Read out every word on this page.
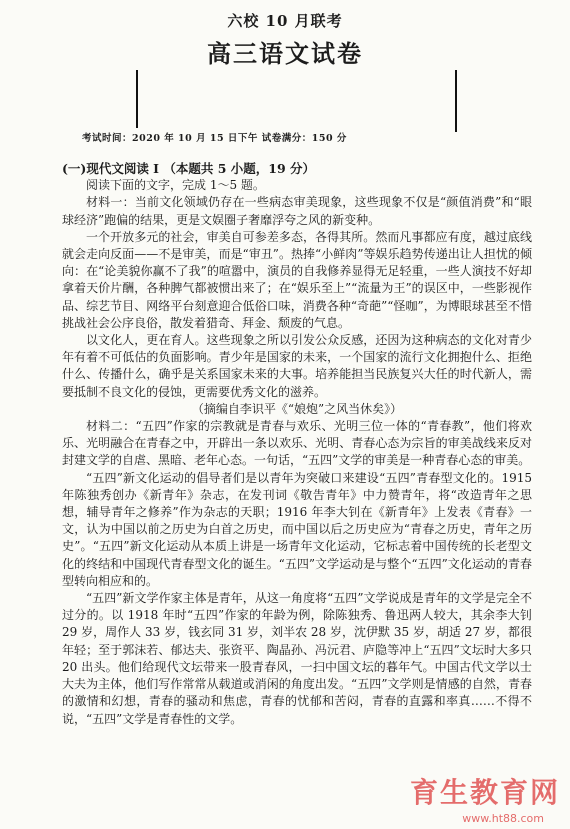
六校 10 月联考
高三语文试卷
考试时间：2020 年 10 月 15 日下午 试卷满分：150 分

(一)现代文阅读 I （本题共 5 小题，19 分）

阅读下面的文字，完成 1～5 题。

材料一：当前文化领域仍存在一些病态审美现象，这些现象不仅是“颜值消费”和“眼球经济”跑偏的结果，更是文娱圈子奢靡浮夸之风的新变种。

一个开放多元的社会，审美自可参差多态，各得其所。然而凡事都应有度，越过底线就会走向反面——不是审美，而是“审丑”。热捧“小鲜肉”等娱乐趋势传递出让人担忧的倾向：在“论美貌你赢不了我”的喧嚣中，演员的自我修养显得无足轻重，一些人演技不好却拿着天价片酬，各种脾气都被惯出来了；在“娱乐至上”“流量为王”的误区中，一些影视作品、综艺节目、网络平台刻意迎合低俗口味，消费各种“奇葩”“怪咖”，为博眼球甚至不惜挑战社会公序良俗，散发着猎奇、拜金、颓废的气息。

以文化人，更在育人。这些现象之所以引发公众反感，还因为这种病态的文化对青少年有着不可低估的负面影响。青少年是国家的未来，一个国家的流行文化拥抱什么、拒绝什么、传播什么，确乎是关系国家未来的大事。培养能担当民族复兴大任的时代新人，需要抵制不良文化的侵蚀，更需要优秀文化的滋养。

（摘编自李识平《“娘炮”之风当休矣》）

材料二：“五四”作家的宗教就是青春与欢乐、光明三位一体的“青春教”，他们将欢乐、光明融合在青春之中，开辟出一条以欢乐、光明、青春心态为宗旨的审美战线来反对封建文学的自虐、黑暗、老年心态。一句话，“五四”文学的审美是一种青春心态的审美。

“五四”新文化运动的倡导者们是以青年为突破口来建设“五四”青春型文化的。1915 年陈独秀创办《新青年》杂志，在发刊词《敬告青年》中力赞青年，将“改造青年之思想，辅导青年之修养”作为杂志的天职；1916 年李大钊在《新青年》上发表《青春》一文，认为中国以前之历史为白首之历史，而中国以后之历史应为“青春之历史，青年之历史”。“五四”新文化运动从本质上讲是一场青年文化运动，它标志着中国传统的长老型文化的终结和中国现代青春型文化的诞生。“五四”文学运动是与整个“五四”文化运动的青春型转向相应和的。

“五四”新文学作家主体是青年，从这一角度将“五四”文学说成是青年的文学是完全不过分的。以 1918 年时“五四”作家的年龄为例，除陈独秀、鲁迅两人较大，其余李大钊 29 岁，周作人 33 岁，钱玄同 31 岁，刘半农 28 岁，沈伊默 35 岁，胡适 27 岁，都很年轻；至于郭沫若、郁达夫、张资平、陶晶孙、冯沅君、庐隐等冲上“五四”文坛时大多只 20 出头。他们给现代文坛带来一股青春风，一扫中国文坛的暮年气。中国古代文学以士大夫为主体，他们写作常常从载道或消闲的角度出发。“五四”文学则是情感的自然，青春的激情和幻想，青春的骚动和焦虑，青春的忧郁和苦闷，青春的直露和率真……不得不说，“五四”文学是青春性的文学。

育生教育网
www.ht88.com
